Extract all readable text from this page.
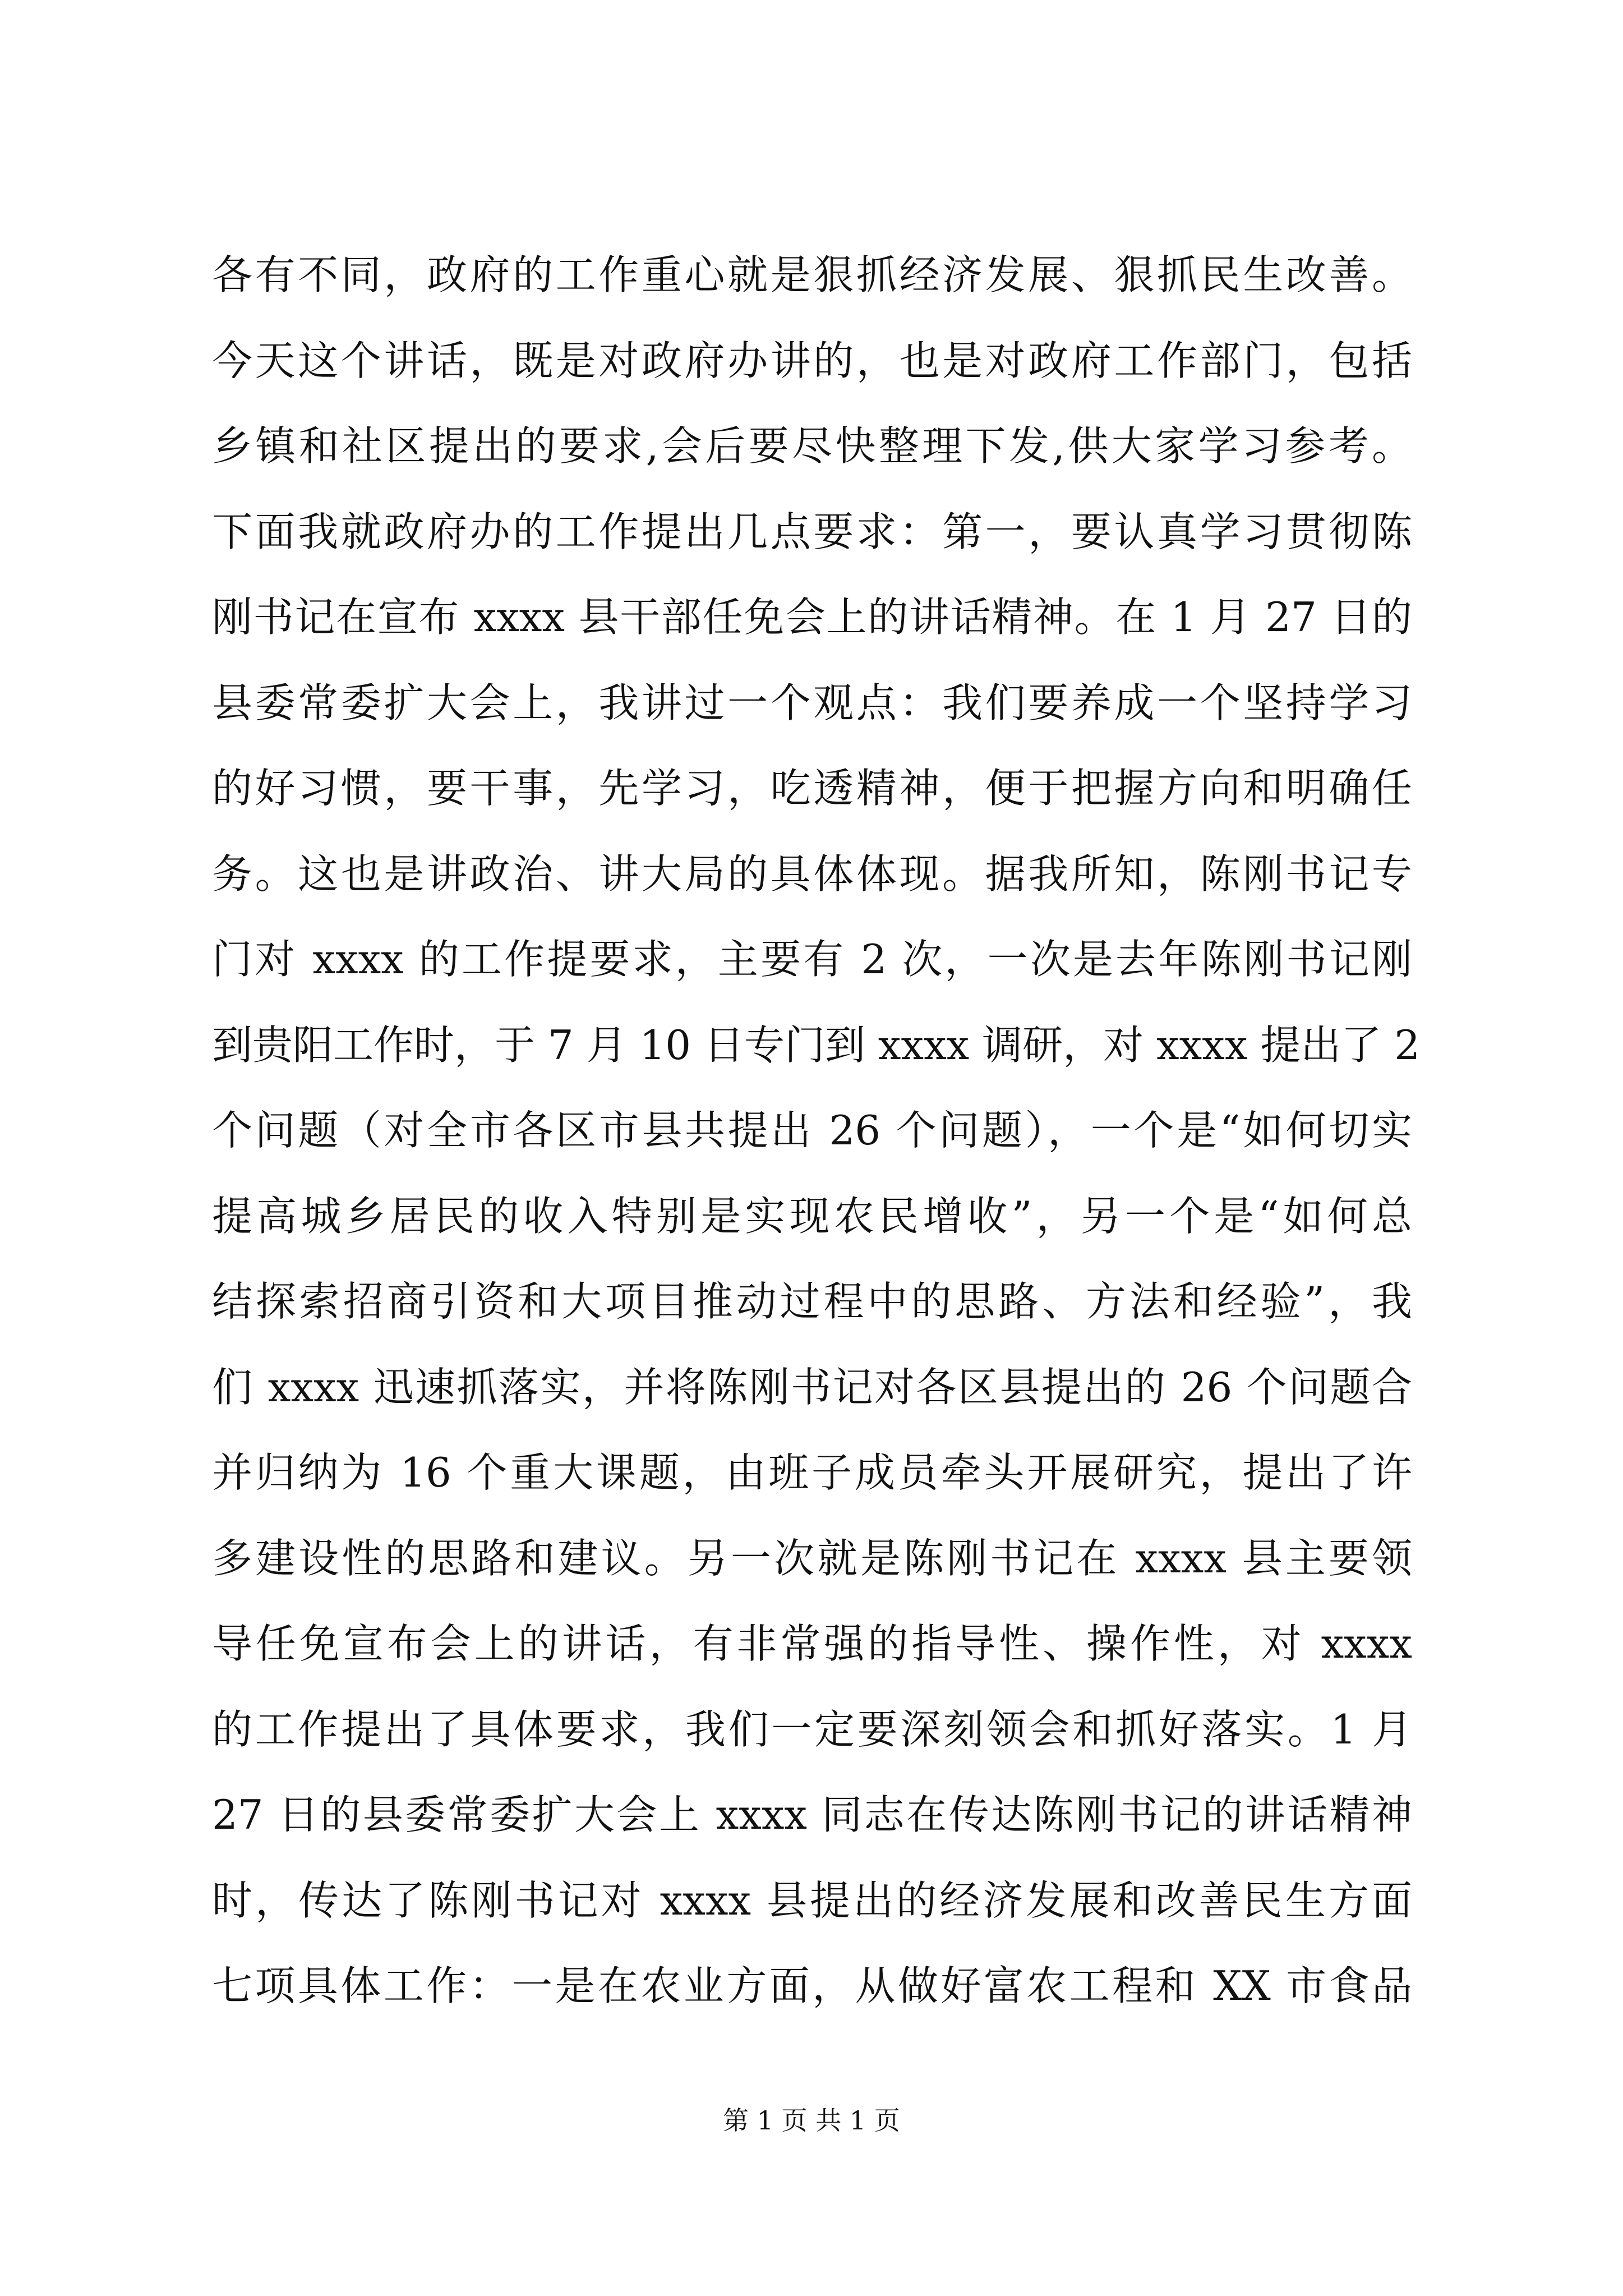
各有不同，政府的工作重心就是狠抓经济发展、狠抓民生改善。
今天这个讲话，既是对政府办讲的，也是对政府工作部门，包括
乡镇和社区提出的要求,会后要尽快整理下发,供大家学习参考。
下面我就政府办的工作提出几点要求：第一，要认真学习贯彻陈
刚书记在宣布 xxxx 县干部任免会上的讲话精神。在 1 月 27 日的
县委常委扩大会上，我讲过一个观点：我们要养成一个坚持学习
的好习惯，要干事，先学习，吃透精神，便于把握方向和明确任
务。这也是讲政治、讲大局的具体体现。据我所知，陈刚书记专
门对 xxxx 的工作提要求，主要有 2 次，一次是去年陈刚书记刚
到贵阳工作时，于 7 月 10 日专门到 xxxx 调研，对 xxxx 提出了 2
个问题（对全市各区市县共提出 26 个问题），一个是“如何切实
提高城乡居民的收入特别是实现农民增收”，另一个是“如何总
结探索招商引资和大项目推动过程中的思路、方法和经验”，我
们 xxxx 迅速抓落实，并将陈刚书记对各区县提出的 26 个问题合
并归纳为 16 个重大课题，由班子成员牵头开展研究，提出了许
多建设性的思路和建议。另一次就是陈刚书记在 xxxx 县主要领
导任免宣布会上的讲话，有非常强的指导性、操作性，对 xxxx
的工作提出了具体要求，我们一定要深刻领会和抓好落实。1 月
27 日的县委常委扩大会上 xxxx 同志在传达陈刚书记的讲话精神
时，传达了陈刚书记对 xxxx 县提出的经济发展和改善民生方面
七项具体工作：一是在农业方面，从做好富农工程和 XX 市食品
第 1 页 共 1 页
